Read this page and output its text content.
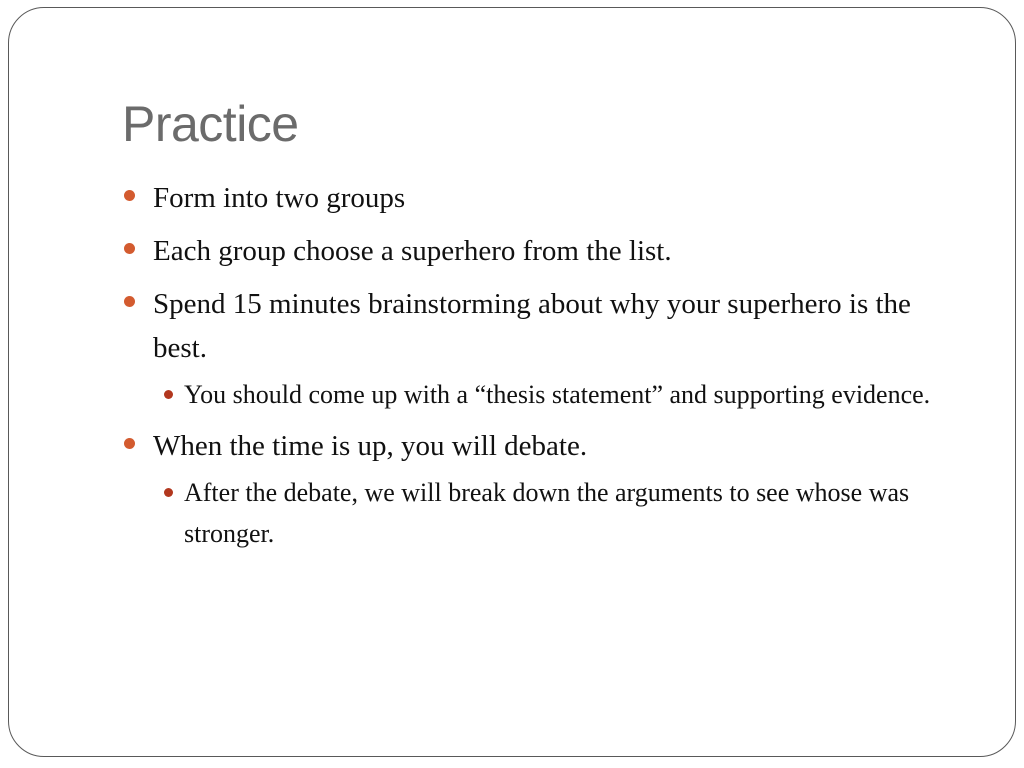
Practice
Form into two groups
Each group choose a superhero from the list.
Spend 15 minutes brainstorming about why your superhero is the best.
You should come up with a “thesis statement” and supporting evidence.
When the time is up, you will debate.
After the debate, we will break down the arguments to see whose was stronger.
